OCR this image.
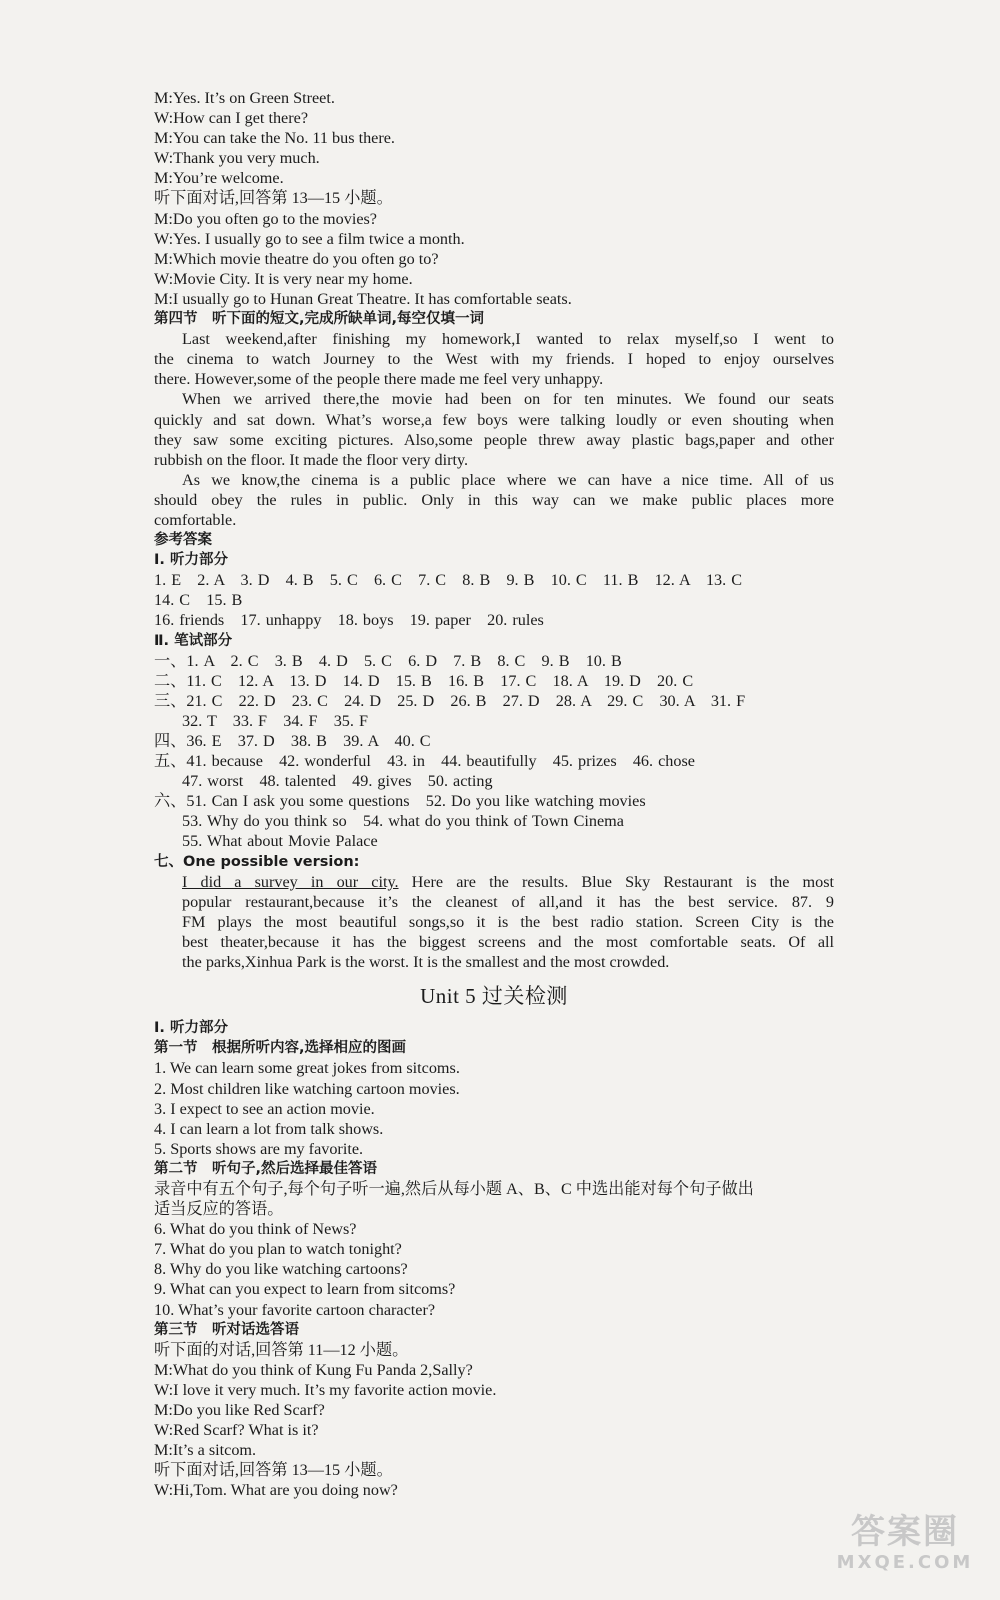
M:Yes. It’s on Green Street.
W:How can I get there?
M:You can take the No. 11 bus there.
W:Thank you very much.
M:You’re welcome.
听下面对话,回答第 13—15 小题。
M:Do you often go to the movies?
W:Yes. I usually go to see a film twice a month.
M:Which movie theatre do you often go to?
W:Movie City. It is very near my home.
M:I usually go to Hunan Great Theatre. It has comfortable seats.
第四节　听下面的短文,完成所缺单词,每空仅填一词
Last weekend,after finishing my homework,I wanted to relax myself,so I went to
the cinema to watch Journey to the West with my friends. I hoped to enjoy ourselves
there. However,some of the people there made me feel very unhappy.
When we arrived there,the movie had been on for ten minutes. We found our seats
quickly and sat down. What’s worse,a few boys were talking loudly or even shouting when
they saw some exciting pictures. Also,some people threw away plastic bags,paper and other
rubbish on the floor. It made the floor very dirty.
As we know,the cinema is a public place where we can have a nice time. All of us
should obey the rules in public. Only in this way can we make public places more
comfortable.
参考答案
Ⅰ. 听力部分
1. E　2. A　3. D　4. B　5. C　6. C　7. C　8. B　9. B　10. C　11. B　12. A　13. C
14. C　15. B
16. friends　17. unhappy　18. boys　19. paper　20. rules
Ⅱ. 笔试部分
一、1. A　2. C　3. B　4. D　5. C　6. D　7. B　8. C　9. B　10. B
二、11. C　12. A　13. D　14. D　15. B　16. B　17. C　18. A　19. D　20. C
三、21. C　22. D　23. C　24. D　25. D　26. B　27. D　28. A　29. C　30. A　31. F
32. T　33. F　34. F　35. F
四、36. E　37. D　38. B　39. A　40. C
五、41. because　42. wonderful　43. in　44. beautifully　45. prizes　46. chose
47. worst　48. talented　49. gives　50. acting
六、51. Can I ask you some questions　52. Do you like watching movies
53. Why do you think so　54. what do you think of Town Cinema
55. What about Movie Palace
七、One possible version:
I did a survey in our city. Here are the results. Blue Sky Restaurant is the most
popular restaurant,because it’s the cleanest of all,and it has the best service. 87. 9
FM plays the most beautiful songs,so it is the best radio station. Screen City is the
best theater,because it has the biggest screens and the most comfortable seats. Of all
the parks,Xinhua Park is the worst. It is the smallest and the most crowded.
Unit 5 过关检测
Ⅰ. 听力部分
第一节　根据所听内容,选择相应的图画
1. We can learn some great jokes from sitcoms.
2. Most children like watching cartoon movies.
3. I expect to see an action movie.
4. I can learn a lot from talk shows.
5. Sports shows are my favorite.
第二节　听句子,然后选择最佳答语
录音中有五个句子,每个句子听一遍,然后从每小题 A、B、C 中选出能对每个句子做出
适当反应的答语。
6. What do you think of News?
7. What do you plan to watch tonight?
8. Why do you like watching cartoons?
9. What can you expect to learn from sitcoms?
10. What’s your favorite cartoon character?
第三节　听对话选答语
听下面的对话,回答第 11—12 小题。
M:What do you think of Kung Fu Panda 2,Sally?
W:I love it very much. It’s my favorite action movie.
M:Do you like Red Scarf?
W:Red Scarf? What is it?
M:It’s a sitcom.
听下面对话,回答第 13—15 小题。
W:Hi,Tom. What are you doing now?
答案圈
MXQE.COM
